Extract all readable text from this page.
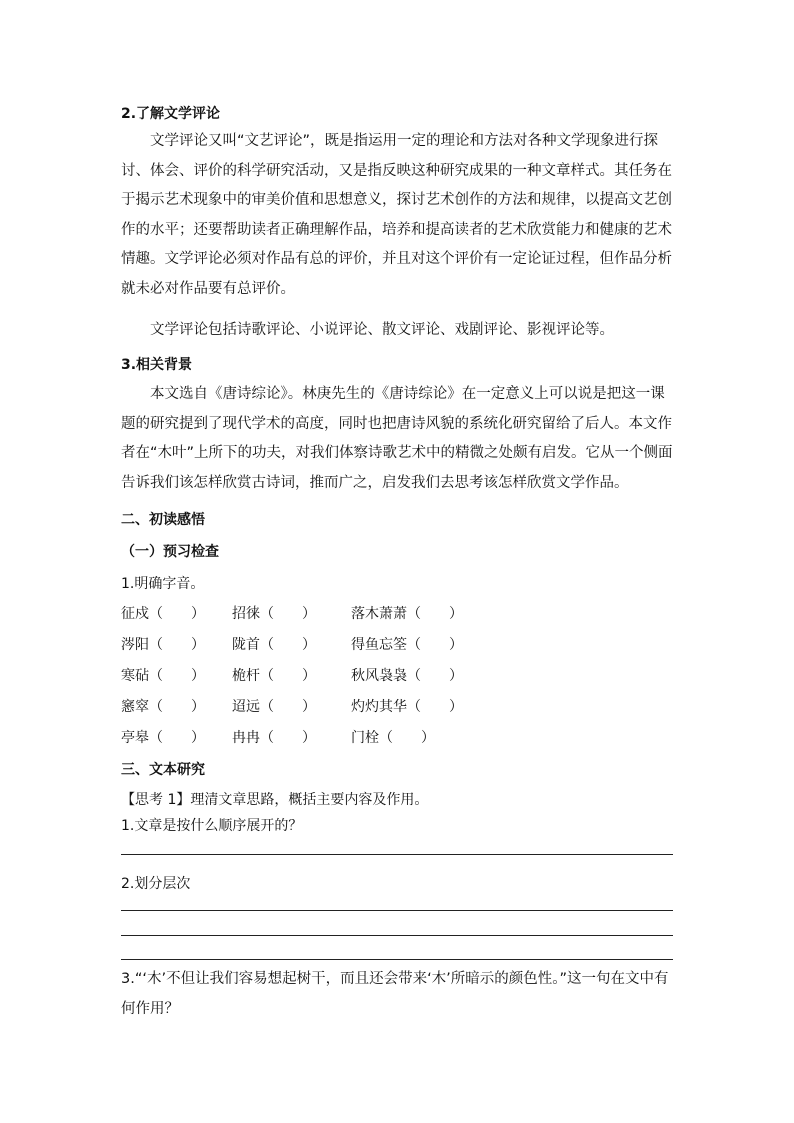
2.了解文学评论

文学评论又叫“文艺评论”，既是指运用一定的理论和方法对各种文学现象进行探讨、体会、评价的科学研究活动，又是指反映这种研究成果的一种文章样式。其任务在于揭示艺术现象中的审美价值和思想意义，探讨艺术创作的方法和规律，以提高文艺创作的水平；还要帮助读者正确理解作品，培养和提高读者的艺术欣赏能力和健康的艺术情趣。文学评论必须对作品有总的评价，并且对这个评价有一定论证过程，但作品分析就未必对作品要有总评价。

文学评论包括诗歌评论、小说评论、散文评论、戏剧评论、影视评论等。

3.相关背景

本文选自《唐诗综论》。林庚先生的《唐诗综论》在一定意义上可以说是把这一课题的研究提到了现代学术的高度，同时也把唐诗风貌的系统化研究留给了后人。本文作者在“木叶”上所下的功夫，对我们体察诗歌艺术中的精微之处颇有启发。它从一个侧面告诉我们该怎样欣赏古诗词，推而广之，启发我们去思考该怎样欣赏文学作品。

二、初读感悟
（一）预习检查
1.明确字音。
征戍（　　） 招徕（　　）	落木萧萧（　　）
涔阳（　　） 陇首（　　）	得鱼忘筌（　　）
寒砧（　　） 桅杆（　　）	秋风袅袅（　　）
窸窣（　　） 迢远（　　）	灼灼其华（　　）
亭皋（　　） 冉冉（　　）	门栓（　　）
三、文本研究
【思考 1】理清文章思路，概括主要内容及作用。
1.文章是按什么顺序展开的？
2.划分层次

3.“‘木’不但让我们容易想起树干，而且还会带来‘木’所暗示的颜色性。”这一句在文中有何作用？
